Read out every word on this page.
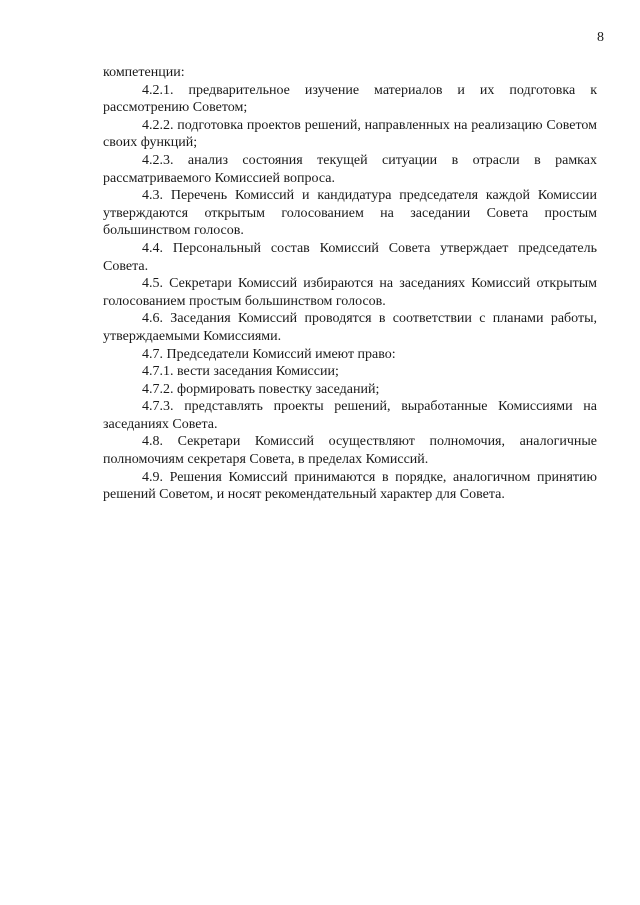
8

компетенции:

4.2.1. предварительное изучение материалов и их подготовка к рассмотрению Советом;

4.2.2. подготовка проектов решений, направленных на реализацию Советом своих функций;

4.2.3. анализ состояния текущей ситуации в отрасли в рамках рассматриваемого Комиссией вопроса.

4.3. Перечень Комиссий и кандидатура председателя каждой Комиссии утверждаются открытым голосованием на заседании Совета простым большинством голосов.

4.4. Персональный состав Комиссий Совета утверждает председатель Совета.

4.5. Секретари Комиссий избираются на заседаниях Комиссий открытым голосованием простым большинством голосов.

4.6. Заседания Комиссий проводятся в соответствии с планами работы, утверждаемыми Комиссиями.

4.7. Председатели Комиссий имеют право:

4.7.1. вести заседания Комиссии;

4.7.2. формировать повестку заседаний;

4.7.3. представлять проекты решений, выработанные Комиссиями на заседаниях Совета.

4.8. Секретари Комиссий осуществляют полномочия, аналогичные полномочиям секретаря Совета, в пределах Комиссий.

4.9. Решения Комиссий принимаются в порядке, аналогичном принятию решений Советом, и носят рекомендательный характер для Совета.
